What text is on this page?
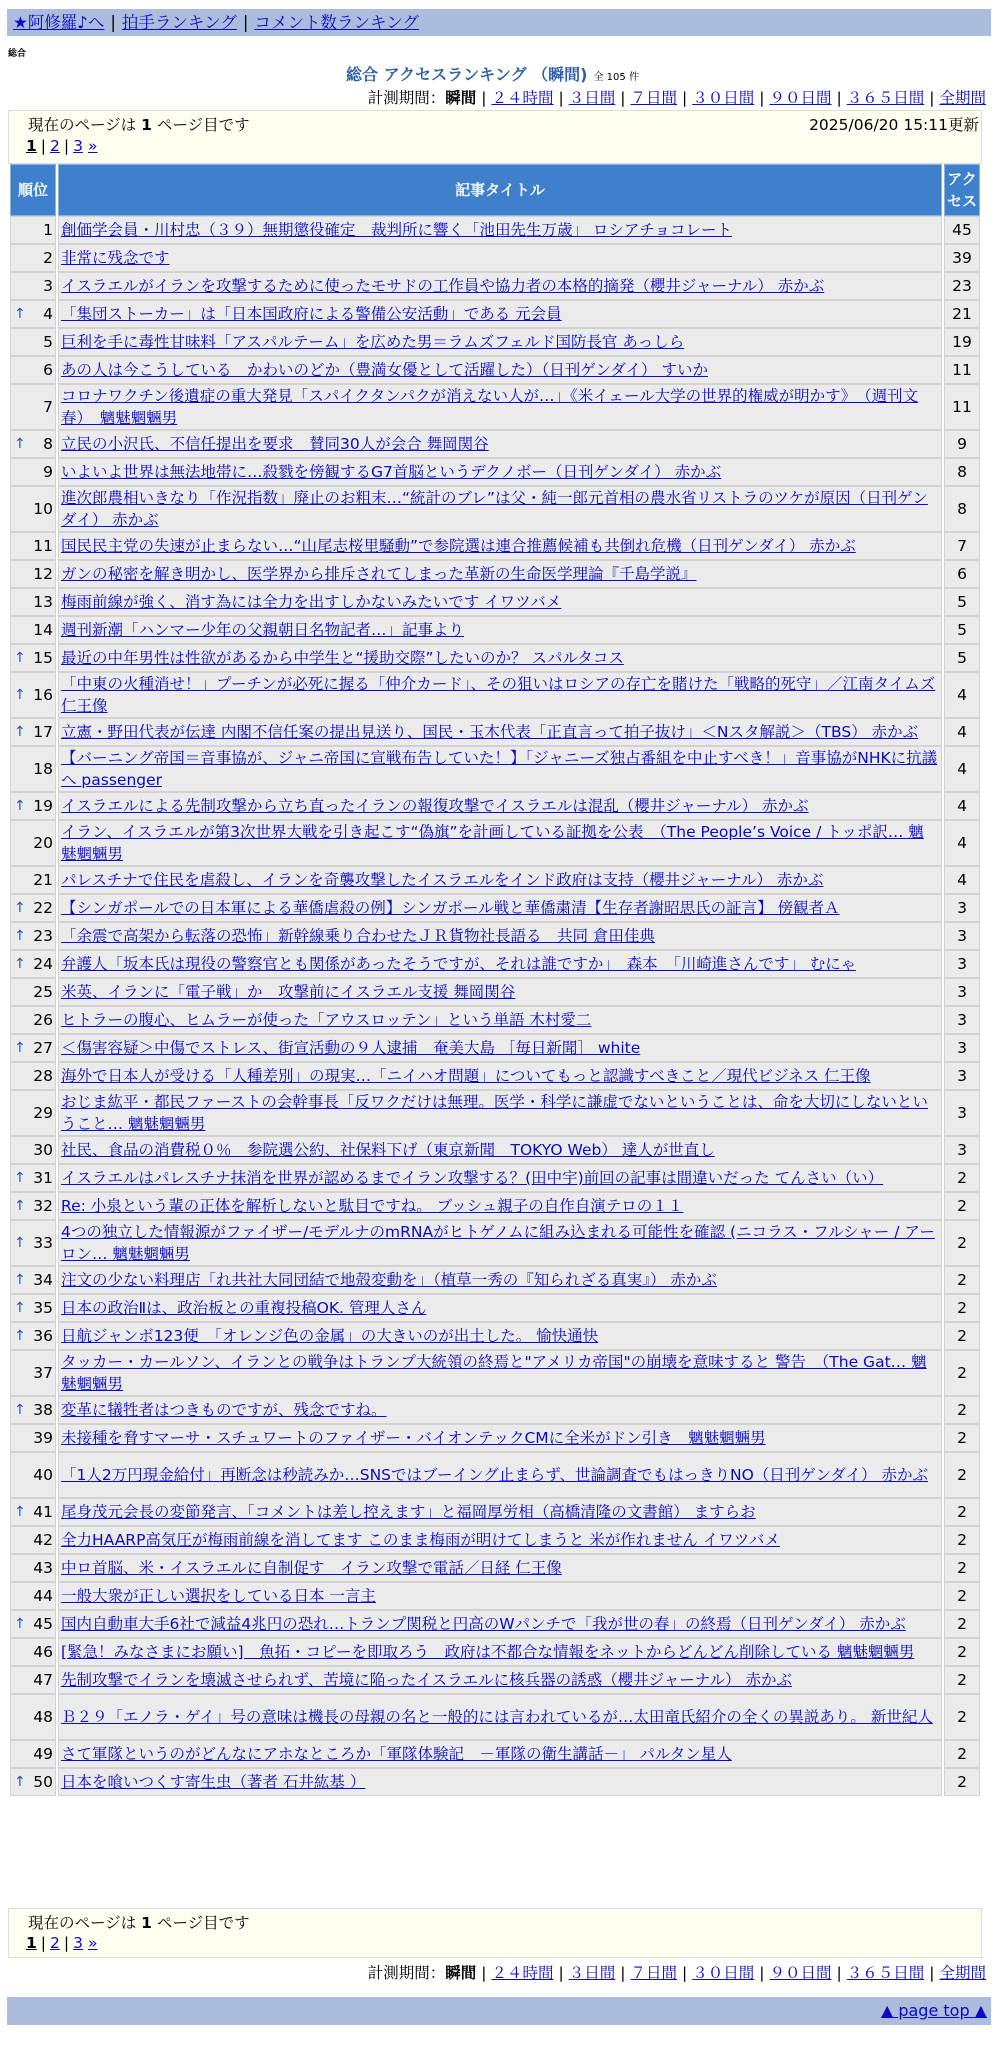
★阿修羅♪へ | 拍手ランキング | コメント数ランキング
総合
総合 アクセスランキング （瞬間) 全 105 件
計測期間：瞬間 | ２４時間 | ３日間 | ７日間 | ３０日間 | ９０日間 | ３６５日間 | 全期間
現在のページは 1 ページ目です	2025/06/20 15:11更新
1 | 2 | 3 »
順位	記事タイトル	アクセス
1	創価学会員・川村忠（３９）無期懲役確定　裁判所に響く「池田先生万歳」 ロシアチョコレート	45
2	非常に残念です	39
3	イスラエルがイランを攻撃するために使ったモサドの工作員や協力者の本格的摘発（櫻井ジャーナル） 赤かぶ	23

↑ 4	「集団ストーカー」は「日本国政府による警備公安活動」である 元会員	21
5	巨利を手に毒性甘味料「アスパルテーム」を広めた男＝ラムズフェルド国防長官 あっしら	19
6	あの人は今こうしている　かわいのどか（豊満女優として活躍した）（日刊ゲンダイ） すいか	11
7	コロナワクチン後遺症の重大発見「スパイクタンパクが消えない人が…」《米イェール大学の世界的権威が明かす》　（週刊文春）　魑魅魍魎男	11

↑ 8	立民の小沢氏、不信任提出を要求　賛同30人が会合 舞岡関谷	9
9	いよいよ世界は無法地帯に…殺戮を傍観するG7首脳というデクノボー（日刊ゲンダイ） 赤かぶ	8
10	進次郎農相いきなり「作況指数」廃止のお粗末…“統計のブレ”は父・純一郎元首相の農水省リストラのツケが原因（日刊ゲンダイ） 赤かぶ	8
11	国民民主党の失速が止まらない…“山尾志桜里騒動”で参院選は連合推薦候補も共倒れ危機（日刊ゲンダイ） 赤かぶ	7
12	ガンの秘密を解き明かし、医学界から排斥されてしまった革新の生命医学理論『千島学説』	6
13	梅雨前線が強く、消す為には全力を出すしかないみたいです イワツバメ	5
14	週刊新潮「ハンマー少年の父親朝日名物記者…」記事より	5

↑ 15	最近の中年男性は性欲があるから中学生と“援助交際”したいのか？ スパルタコス	5

↑ 16	「中東の火種消せ！」プーチンが必死に握る「仲介カード」、その狙いはロシアの存亡を賭けた「戦略的死守」／江南タイムズ 仁王像	4

↑ 17	立憲・野田代表が伝達 内閣不信任案の提出見送り、国民・玉木代表「正直言って拍子抜け」＜Nスタ解説＞（TBS） 赤かぶ	4
18	【バーニング帝国＝音事協が、ジャニ帝国に宣戦布告していた！】「ジャニーズ独占番組を中止すべき！」音事協がNHKに抗議へ passenger	4

↑ 19	イスラエルによる先制攻撃から立ち直ったイランの報復攻撃でイスラエルは混乱（櫻井ジャーナル） 赤かぶ	4
20	イラン、イスラエルが第3次世界大戦を引き起こす“偽旗”を計画している証拠を公表　（The People’s Voice / トッポ訳… 魑魅魍魎男	4
21	パレスチナで住民を虐殺し、イランを奇襲攻撃したイスラエルをインド政府は支持（櫻井ジャーナル） 赤かぶ	4

↑ 22	【シンガポールでの日本軍による華僑虐殺の例】シンガポール戦と華僑粛清【生存者謝昭思氏の証言】 傍観者Ａ	3

↑ 23	「余震で高架から転落の恐怖」新幹線乗り合わせたＪＲ貨物社長語る　共同 倉田佳典	3

↑ 24	弁護人「坂本氏は現役の警察官とも関係があったそうですが、それは誰ですか」　森本　「川崎進さんです」 むにゃ	3
25	米英、イランに「電子戦」か　攻撃前にイスラエル支援 舞岡関谷	3
26	ヒトラーの腹心、ヒムラーが使った「アウスロッテン」という単語 木村愛二	3

↑ 27	＜傷害容疑＞中傷でストレス、街宣活動の９人逮捕　奄美大島 ［毎日新聞］ white	3
28	海外で日本人が受ける「人種差別」の現実…「ニイハオ問題」についてもっと認識すべきこと／現代ビジネス 仁王像	3
29	おじま紘平・都民ファーストの会幹事長「反ワクだけは無理。医学・科学に謙虚でないということは、命を大切にしないということ… 魑魅魍魎男	3
30	社民、食品の消費税０％　参院選公約、社保料下げ（東京新聞　TOKYO Web） 達人が世直し	3

↑ 31	イスラエルはパレスチナ抹消を世界が認めるまでイラン攻撃する？(田中宇)前回の記事は間違いだった てんさい（い）	2

↑ 32	Re: 小泉という輩の正体を解析しないと駄目ですね。 ブッシュ親子の自作自演テロの１１	2

↑ 33	4つの独立した情報源がファイザー/モデルナのmRNAがヒトゲノムに組み込まれる可能性を確認 (ニコラス・フルシャー / アーロン… 魑魅魍魎男	2

↑ 34	注文の少ない料理店「れ共社大同団結で地殻変動を」（植草一秀の『知られざる真実』） 赤かぶ	2

↑ 35	日本の政治Ⅱは、政治板との重複投稿OK. 管理人さん	2

↑ 36	日航ジャンボ123便　「オレンジ色の金属」の大きいのが出土した。 愉快通快	2
37	タッカー・カールソン、イランとの戦争はトランプ大統領の終焉と"アメリカ帝国"の崩壊を意味すると 警告　（The Gat… 魑魅魍魎男	2

↑ 38	変革に犠牲者はつきものですが、残念ですね。	2
39	未接種を脅すマーサ・スチュワートのファイザー・バイオンテックCMに全米がドン引き　魑魅魍魎男	2
40	「1人2万円現金給付」再断念は秒読みか…SNSではブーイング止まらず、世論調査でもはっきりNO（日刊ゲンダイ） 赤かぶ	2

↑ 41	尾身茂元会長の変節発言、「コメントは差し控えます」と福岡厚労相（高橋清隆の文書館） ますらお	2
42	全力HAARP高気圧が梅雨前線を消してます このまま梅雨が明けてしまうと 米が作れません イワツバメ	2
43	中ロ首脳、米・イスラエルに自制促す　イラン攻撃で電話／日経 仁王像	2
44	一般大衆が正しい選択をしている日本 一言主	2

↑ 45	国内自動車大手6社で減益4兆円の恐れ…トランプ関税と円高のWパンチで「我が世の春」の終焉（日刊ゲンダイ） 赤かぶ	2
46	[緊急！みなさまにお願い]　魚拓・コピーを即取ろう　政府は不都合な情報をネットからどんどん削除している 魑魅魍魎男	2
47	先制攻撃でイランを壊滅させられず、苦境に陥ったイスラエルに核兵器の誘惑（櫻井ジャーナル） 赤かぶ	2
48	Ｂ２９「エノラ・ゲイ」号の意味は機長の母親の名と一般的には言われているが…太田竜氏紹介の全くの異説あり。 新世紀人	2
49	さて軍隊というのがどんなにアホなところか「軍隊体験記　－軍隊の衛生講話－」 パルタン星人	2

↑ 50	日本を喰いつくす寄生虫（著者 石井紘基 ）	2
計測期間：瞬間 | ２４時間 | ３日間 | ７日間 | ３０日間 | ９０日間 | ３６５日間 | 全期間
現在のページは 1 ページ目です
1 | 2 | 3 »
▲ page top ▲
